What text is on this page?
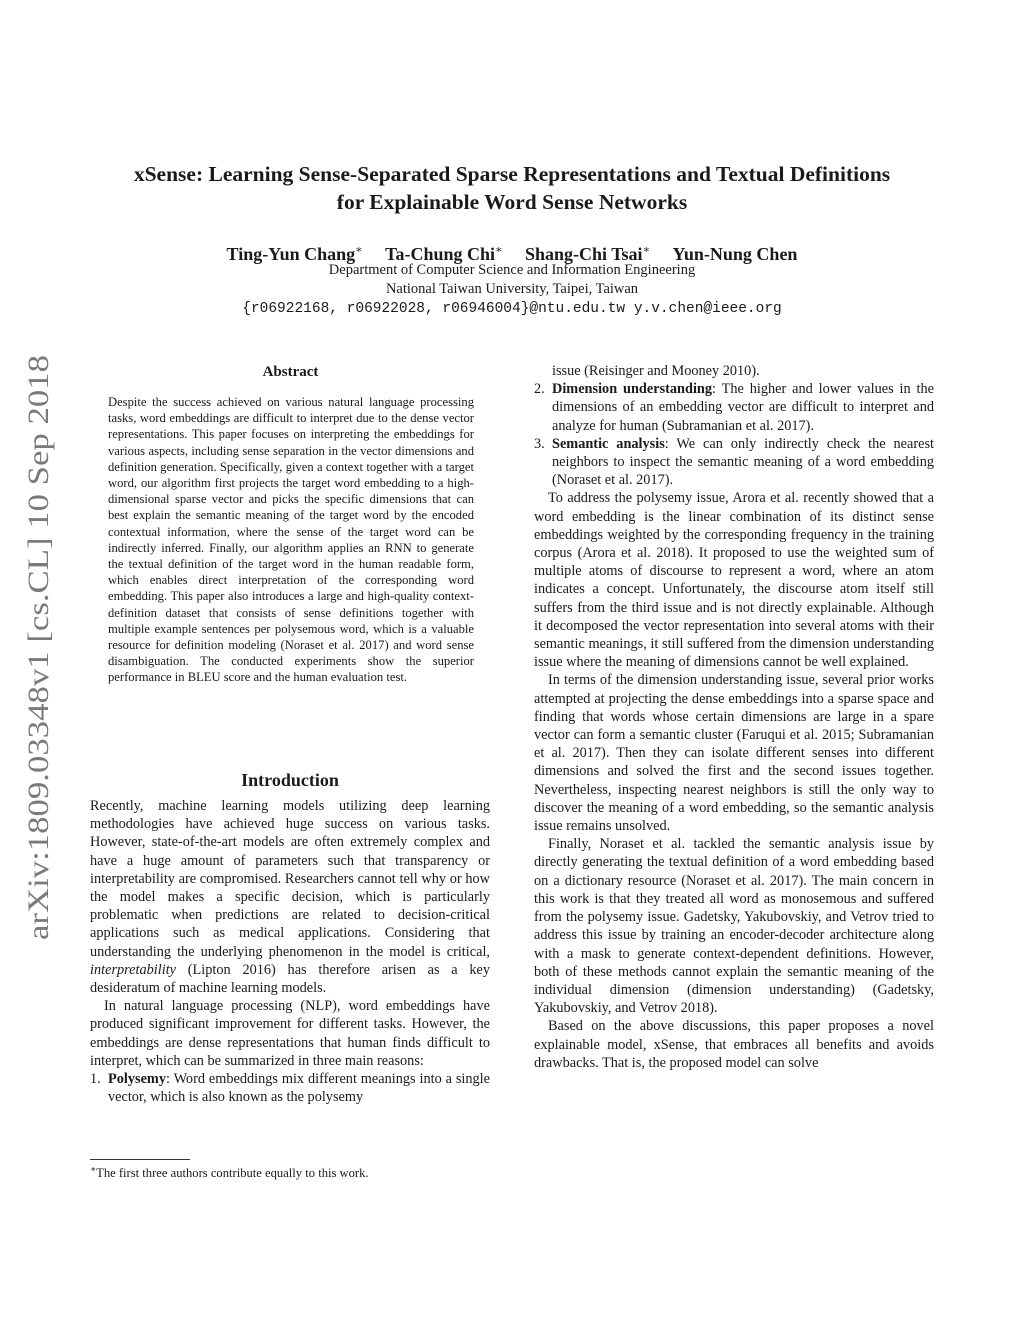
arXiv:1809.03348v1 [cs.CL] 10 Sep 2018
xSense: Learning Sense-Separated Sparse Representations and Textual Definitions
for Explainable Word Sense Networks
Ting-Yun Chang∗ Ta-Chung Chi∗ Shang-Chi Tsai∗ Yun-Nung Chen
Department of Computer Science and Information Engineering
National Taiwan University, Taipei, Taiwan
{r06922168, r06922028, r06946004}@ntu.edu.tw y.v.chen@ieee.org
Abstract

Despite the success achieved on various natural language processing tasks, word embeddings are difficult to interpret due to the dense vector representations. This paper focuses on interpreting the embeddings for various aspects, including sense separation in the vector dimensions and definition generation. Specifically, given a context together with a target word, our algorithm first projects the target word embedding to a high-dimensional sparse vector and picks the specific dimensions that can best explain the semantic meaning of the target word by the encoded contextual information, where the sense of the target word can be indirectly inferred. Finally, our algorithm applies an RNN to generate the textual definition of the target word in the human readable form, which enables direct interpretation of the corresponding word embedding. This paper also introduces a large and high-quality context-definition dataset that consists of sense definitions together with multiple example sentences per polysemous word, which is a valuable resource for definition modeling (Noraset et al. 2017) and word sense disambiguation. The conducted experiments show the superior performance in BLEU score and the human evaluation test.

Introduction

Recently, machine learning models utilizing deep learning methodologies have achieved huge success on various tasks. However, state-of-the-art models are often extremely complex and have a huge amount of parameters such that transparency or interpretability are compromised. Researchers cannot tell why or how the model makes a specific decision, which is particularly problematic when predictions are related to decision-critical applications such as medical applications. Considering that understanding the underlying phenomenon in the model is critical, interpretability (Lipton 2016) has therefore arisen as a key desideratum of machine learning models.

In natural language processing (NLP), word embeddings have produced significant improvement for different tasks. However, the embeddings are dense representations that human finds difficult to interpret, which can be summarized in three main reasons:

1. Polysemy: Word embeddings mix different meanings into a single vector, which is also known as the polysemy
∗The first three authors contribute equally to this work.

issue (Reisinger and Mooney 2010).

2. Dimension understanding: The higher and lower values in the dimensions of an embedding vector are difficult to interpret and analyze for human (Subramanian et al. 2017).
3. Semantic analysis: We can only indirectly check the nearest neighbors to inspect the semantic meaning of a word embedding (Noraset et al. 2017).

To address the polysemy issue, Arora et al. recently showed that a word embedding is the linear combination of its distinct sense embeddings weighted by the corresponding frequency in the training corpus (Arora et al. 2018). It proposed to use the weighted sum of multiple atoms of discourse to represent a word, where an atom indicates a concept. Unfortunately, the discourse atom itself still suffers from the third issue and is not directly explainable. Although it decomposed the vector representation into several atoms with their semantic meanings, it still suffered from the dimension understanding issue where the meaning of dimensions cannot be well explained.

In terms of the dimension understanding issue, several prior works attempted at projecting the dense embeddings into a sparse space and finding that words whose certain dimensions are large in a spare vector can form a semantic cluster (Faruqui et al. 2015; Subramanian et al. 2017). Then they can isolate different senses into different dimensions and solved the first and the second issues together. Nevertheless, inspecting nearest neighbors is still the only way to discover the meaning of a word embedding, so the semantic analysis issue remains unsolved.

Finally, Noraset et al. tackled the semantic analysis issue by directly generating the textual definition of a word embedding based on a dictionary resource (Noraset et al. 2017). The main concern in this work is that they treated all word as monosemous and suffered from the polysemy issue. Gadetsky, Yakubovskiy, and Vetrov tried to address this issue by training an encoder-decoder architecture along with a mask to generate context-dependent definitions. However, both of these methods cannot explain the semantic meaning of the individual dimension (dimension understanding) (Gadetsky, Yakubovskiy, and Vetrov 2018).

Based on the above discussions, this paper proposes a novel explainable model, xSense, that embraces all benefits and avoids drawbacks. That is, the proposed model can solve
